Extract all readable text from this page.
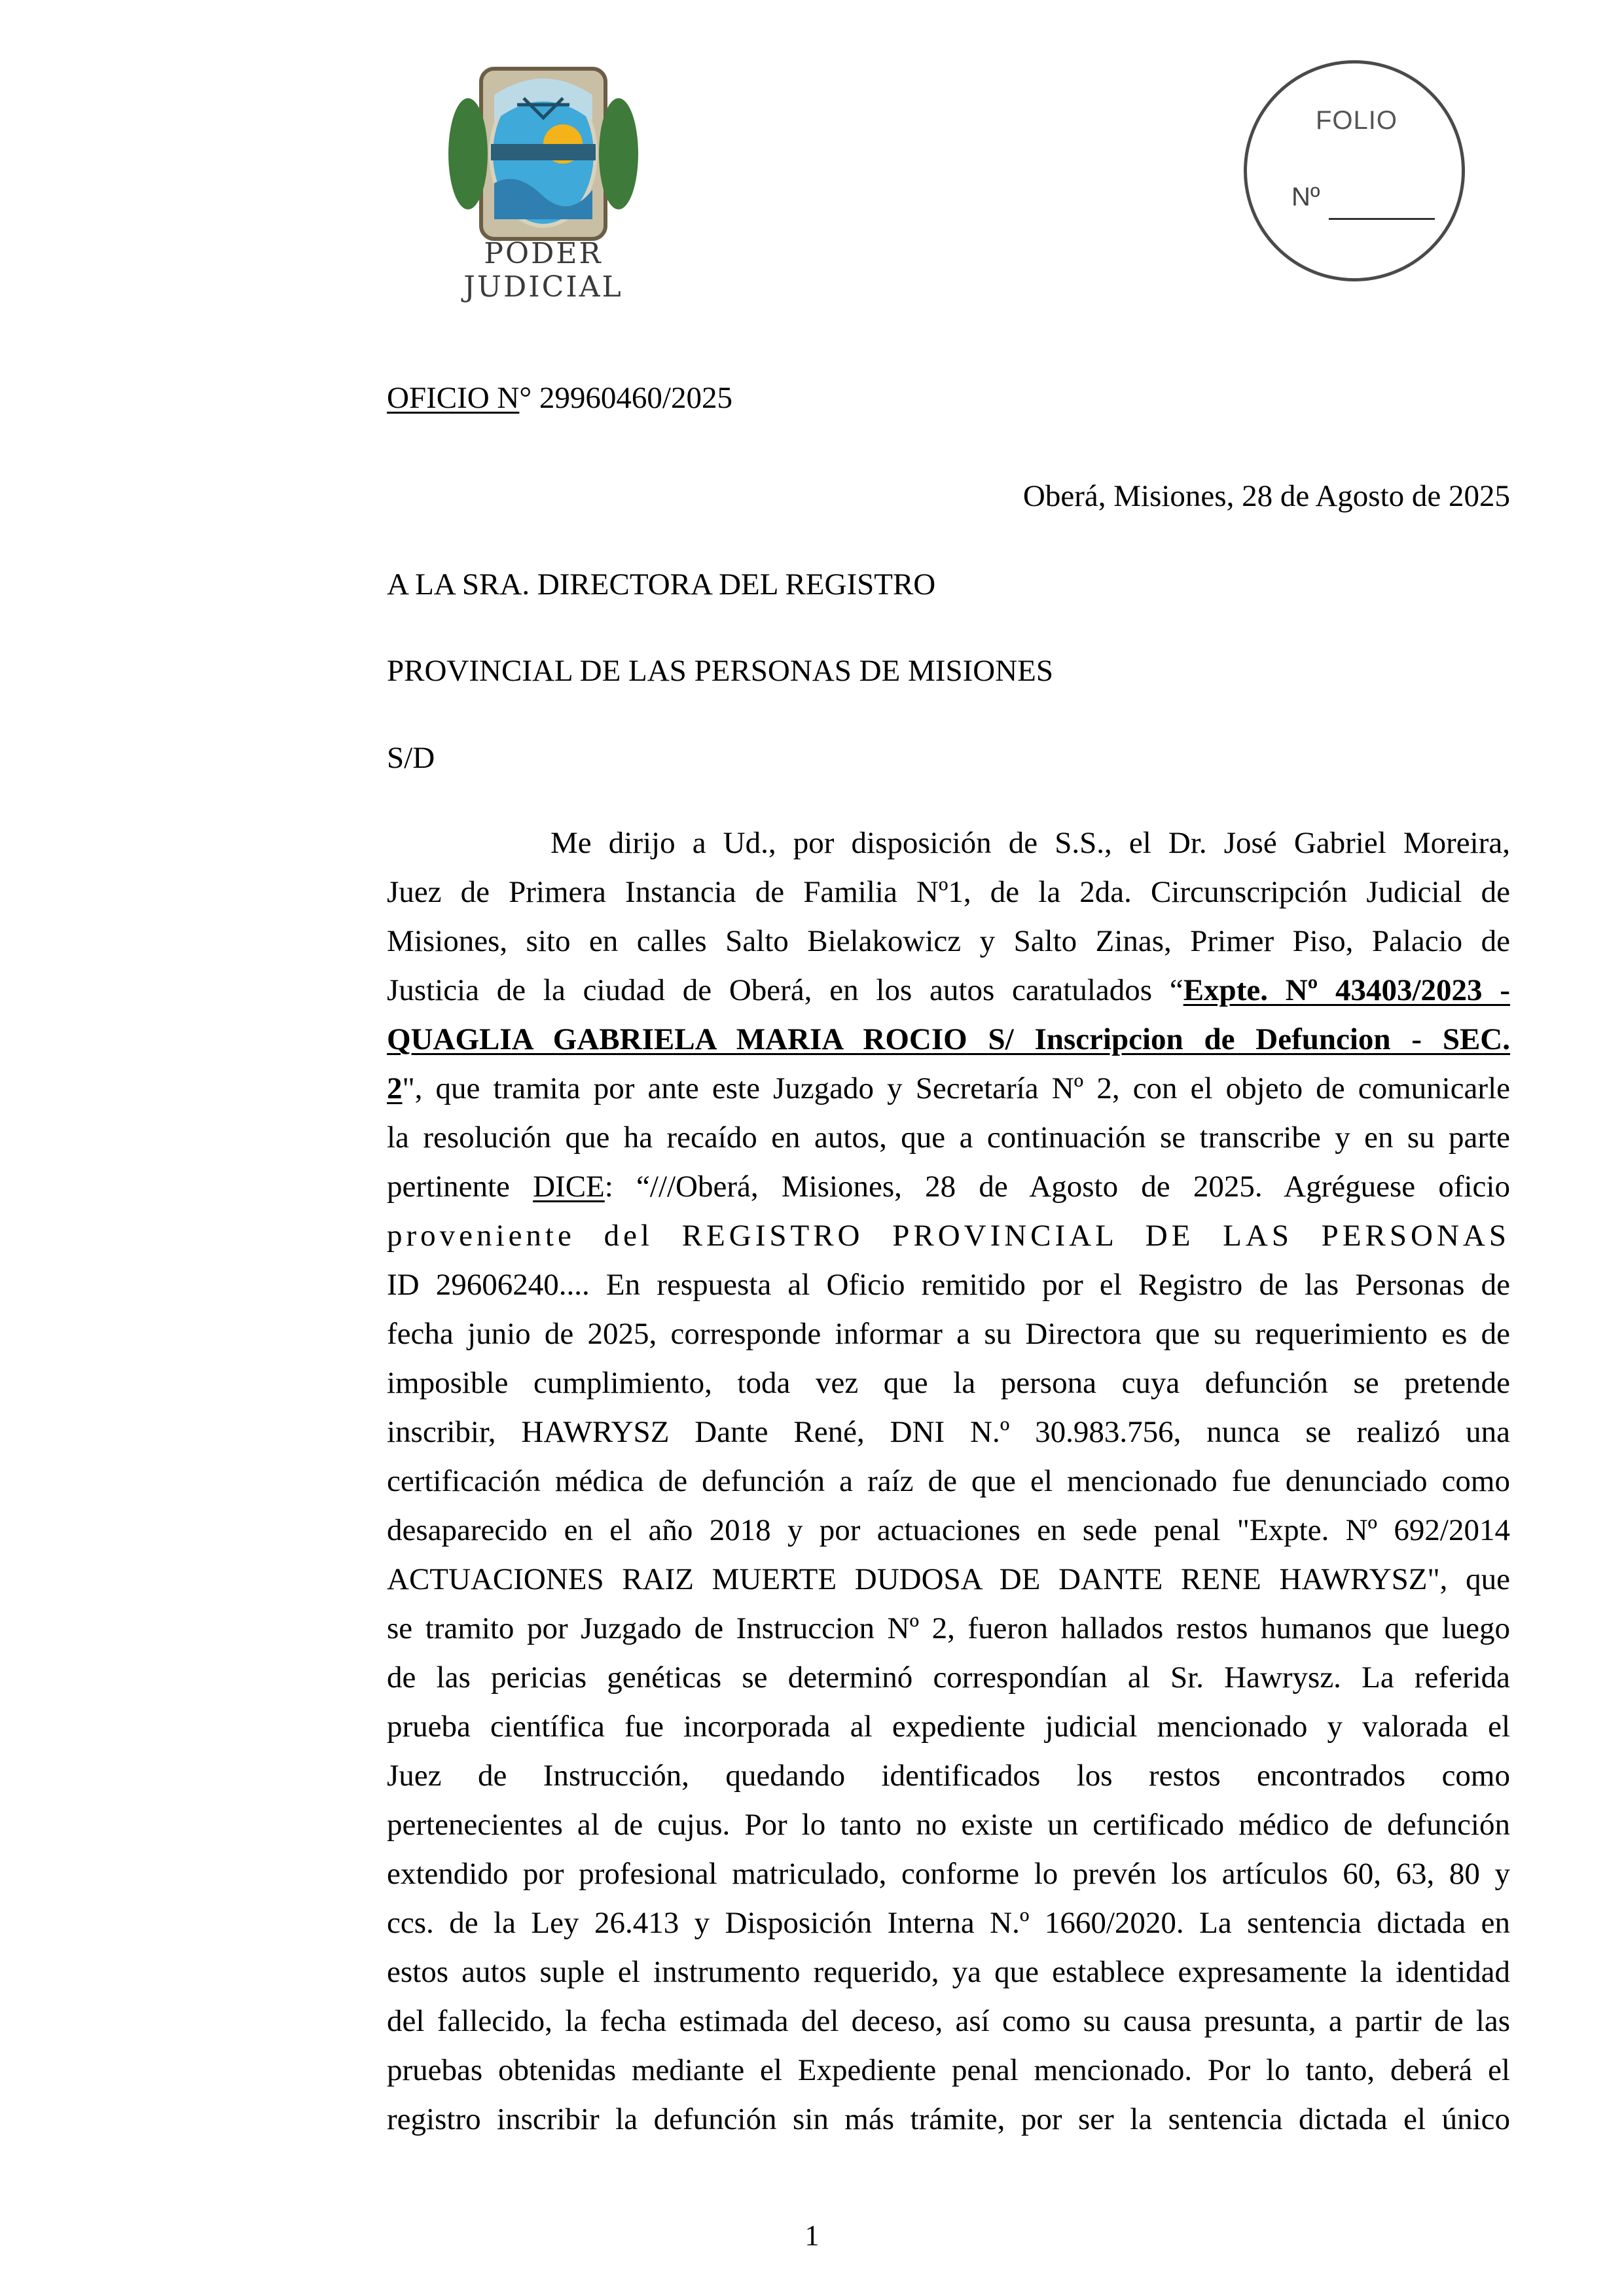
PODER JUDICIAL
FOLIO
Nº
OFICIO N° 29960460/2025
Oberá, Misiones, 28 de Agosto de 2025
A LA SRA. DIRECTORA DEL REGISTRO
PROVINCIAL DE LAS PERSONAS DE MISIONES
S/D
Me dirijo a Ud., por disposición de S.S., el Dr. José Gabriel Moreira,
Juez de Primera Instancia de Familia Nº1, de la 2da. Circunscripción Judicial de
Misiones, sito en calles Salto Bielakowicz y Salto Zinas, Primer Piso, Palacio de
Justicia de la ciudad de Oberá, en los autos caratulados “Expte. Nº 43403/2023 -
QUAGLIA GABRIELA MARIA ROCIO S/ Inscripcion de Defuncion - SEC.
2", que tramita por ante este Juzgado y Secretaría Nº 2, con el objeto de comunicarle
la resolución que ha recaído en autos, que a continuación se transcribe y en su parte
pertinente DICE: “///Oberá, Misiones, 28 de Agosto de 2025. Agréguese oficio
proveniente del REGISTRO PROVINCIAL DE LAS PERSONAS
ID 29606240.... En respuesta al Oficio remitido por el Registro de las Personas de
fecha junio de 2025, corresponde informar a su Directora que su requerimiento es de
imposible cumplimiento, toda vez que la persona cuya defunción se pretende
inscribir, HAWRYSZ Dante René, DNI N.º 30.983.756, nunca se realizó una
certificación médica de defunción a raíz de que el mencionado fue denunciado como
desaparecido en el año 2018 y por actuaciones en sede penal "Expte. Nº 692/2014
ACTUACIONES RAIZ MUERTE DUDOSA DE DANTE RENE HAWRYSZ", que
se tramito por Juzgado de Instruccion Nº 2, fueron hallados restos humanos que luego
de las pericias genéticas se determinó correspondían al Sr. Hawrysz. La referida
prueba científica fue incorporada al expediente judicial mencionado y valorada el
Juez de Instrucción, quedando identificados los restos encontrados como
pertenecientes al de cujus. Por lo tanto no existe un certificado médico de defunción
extendido por profesional matriculado, conforme lo prevén los artículos 60, 63, 80 y
ccs. de la Ley 26.413 y Disposición Interna N.º 1660/2020. La sentencia dictada en
estos autos suple el instrumento requerido, ya que establece expresamente la identidad
del fallecido, la fecha estimada del deceso, así como su causa presunta, a partir de las
pruebas obtenidas mediante el Expediente penal mencionado. Por lo tanto, deberá el
registro inscribir la defunción sin más trámite, por ser la sentencia dictada el único
1
